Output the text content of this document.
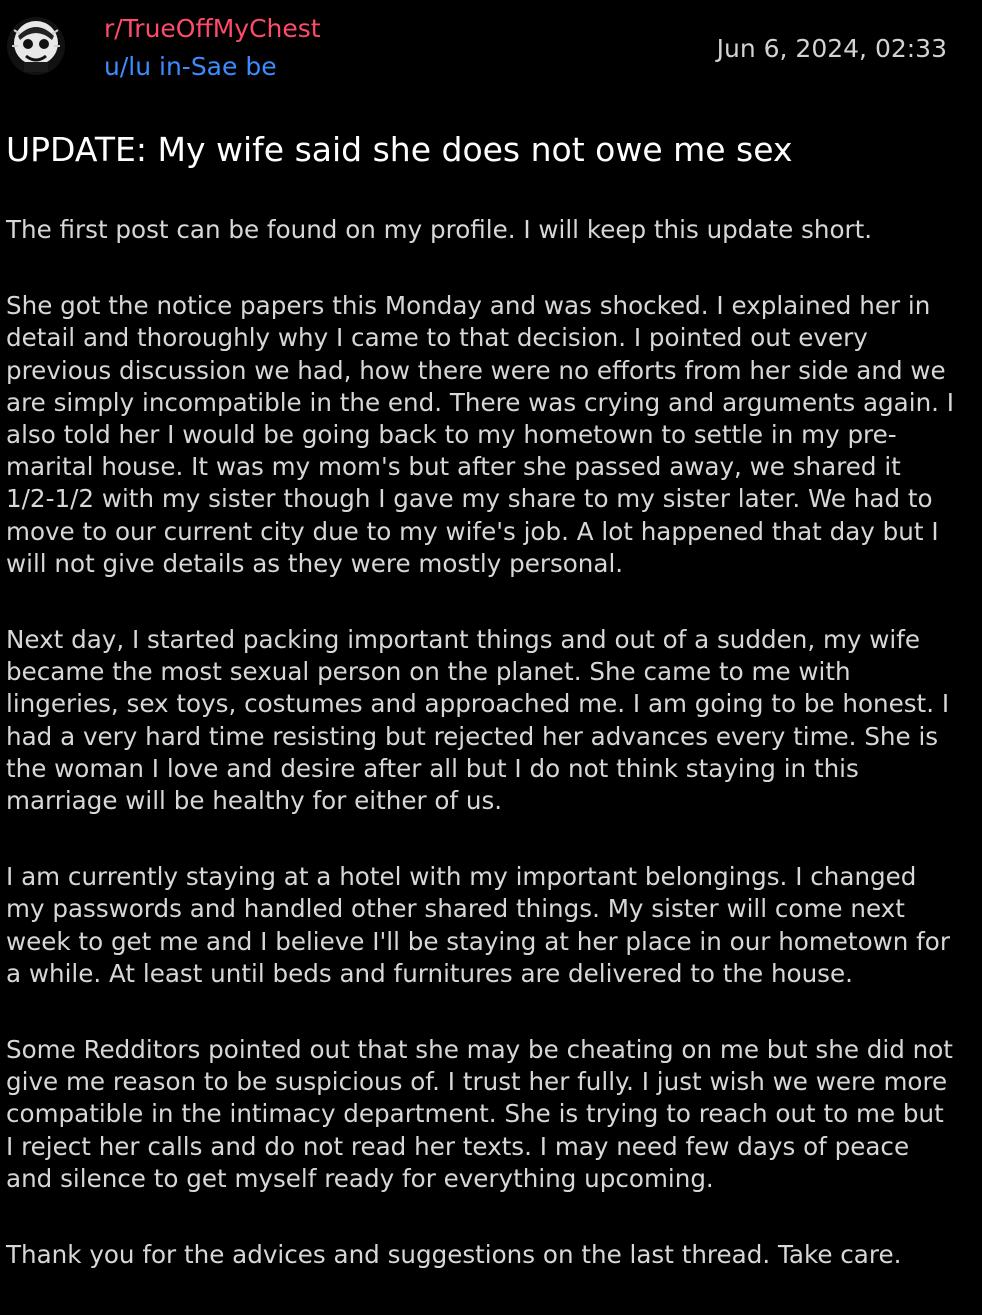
r/TrueOffMyChest
u/lu in-Sae be
Jun 6, 2024, 02:33
UPDATE: My wife said she does not owe me sex

The first post can be found on my profile. I will keep this update short.

She got the notice papers this Monday and was shocked. I explained her in detail and thoroughly why I came to that decision. I pointed out every previous discussion we had, how there were no efforts from her side and we are simply incompatible in the end. There was crying and arguments again. I also told her I would be going back to my hometown to settle in my pre-marital house. It was my mom's but after she passed away, we shared it 1/2-1/2 with my sister though I gave my share to my sister later. We had to move to our current city due to my wife's job. A lot happened that day but I will not give details as they were mostly personal.

Next day, I started packing important things and out of a sudden, my wife became the most sexual person on the planet. She came to me with lingeries, sex toys, costumes and approached me. I am going to be honest. I had a very hard time resisting but rejected her advances every time. She is the woman I love and desire after all but I do not think staying in this marriage will be healthy for either of us.

I am currently staying at a hotel with my important belongings. I changed my passwords and handled other shared things. My sister will come next week to get me and I believe I'll be staying at her place in our hometown for a while. At least until beds and furnitures are delivered to the house.

Some Redditors pointed out that she may be cheating on me but she did not give me reason to be suspicious of. I trust her fully. I just wish we were more compatible in the intimacy department. She is trying to reach out to me but I reject her calls and do not read her texts. I may need few days of peace and silence to get myself ready for everything upcoming.

Thank you for the advices and suggestions on the last thread. Take care.
